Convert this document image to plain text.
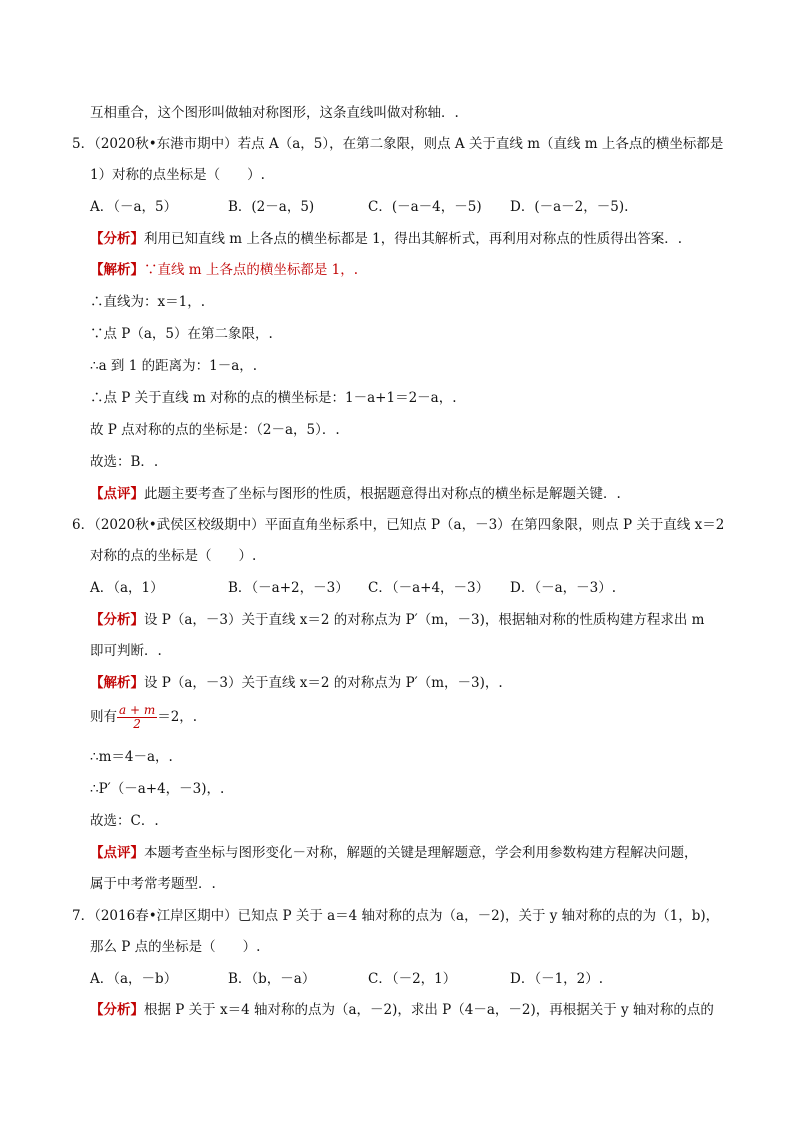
互相重合，这个图形叫做轴对称图形，这条直线叫做对称轴．.
5．（2020秋•东港市期中）若点 A（a，5），在第二象限，则点 A 关于直线 m（直线 m 上各点的横坐标都是
1）对称的点坐标是（　　）.
A．（－a，5）	B．(2－a，5)	C．(－a－4，－5) D．(－a－2，－5).
【分析】利用已知直线 m 上各点的横坐标都是 1，得出其解析式，再利用对称点的性质得出答案．.
【解析】∵直线 m 上各点的横坐标都是 1，.
∴直线为：x＝1，.
∵点 P（a，5）在第二象限，.
∴a 到 1 的距离为：1－a，.
∴点 P 关于直线 m 对称的点的横坐标是：1－a+1＝2－a，.
故 P 点对称的点的坐标是：（2－a，5）．.
故选：B．.
【点评】此题主要考查了坐标与图形的性质，根据题意得出对称点的横坐标是解题关键．.
6．（2020秋•武侯区校级期中）平面直角坐标系中，已知点 P（a，－3）在第四象限，则点 P 关于直线 x＝2
对称的点的坐标是（　　）.
A．（a，1）	B．（－a+2，－3） C．（－a+4，－3） D．（－a，－3）.
【分析】设 P（a，－3）关于直线 x＝2 的对称点为 P′（m，－3)，根据轴对称的性质构建方程求出 m
即可判断．.
【解析】设 P（a，－3）关于直线 x＝2 的对称点为 P′（m，－3)，.
则有 $\frac{a + m}{2} =2$，.
∴m＝4－a，.
∴P′（－a+4，－3)，.
故选：C．.
【点评】本题考查坐标与图形变化－对称，解题的关键是理解题意，学会利用参数构建方程解决问题，
属于中考常考题型．.
7．（2016春•江岸区期中）已知点 P 关于 a＝4 轴对称的点为（a，－2)，关于 y 轴对称的点的为（1，b)，
那么 P 点的坐标是（　　）.
A．（a，－b）	B．（b，－a）	C．（－2，1）	D．（－1，2）.
【分析】根据 P 关于 x＝4 轴对称的点为（a，－2)，求出 P（4－a，－2)，再根据关于 y 轴对称的点的
